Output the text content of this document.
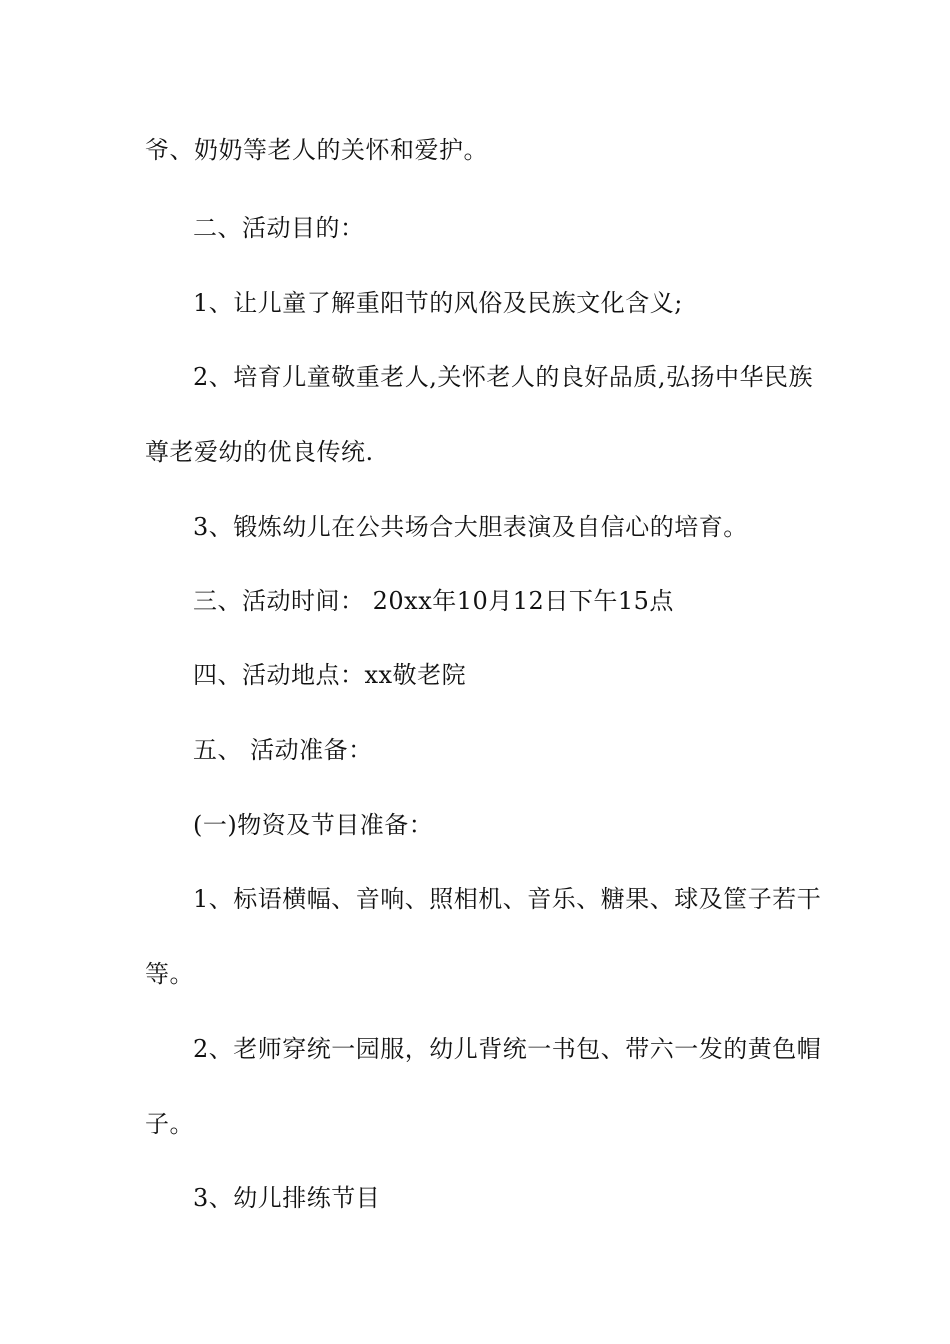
爷、奶奶等老人的关怀和爱护。
二、活动目的：
1、让儿童了解重阳节的风俗及民族文化含义;
2、培育儿童敬重老人,关怀老人的良好品质,弘扬中华民族
尊老爱幼的优良传统.
3、锻炼幼儿在公共场合大胆表演及自信心的培育。
三、活动时间： 20xx年10月12日下午15点
四、活动地点：xx敬老院
五、 活动准备：
(一)物资及节目准备：
1、标语横幅、音响、照相机、音乐、糖果、球及筐子若干
等。
2、老师穿统一园服，幼儿背统一书包、带六一发的黄色帽
子。
3、幼儿排练节目
